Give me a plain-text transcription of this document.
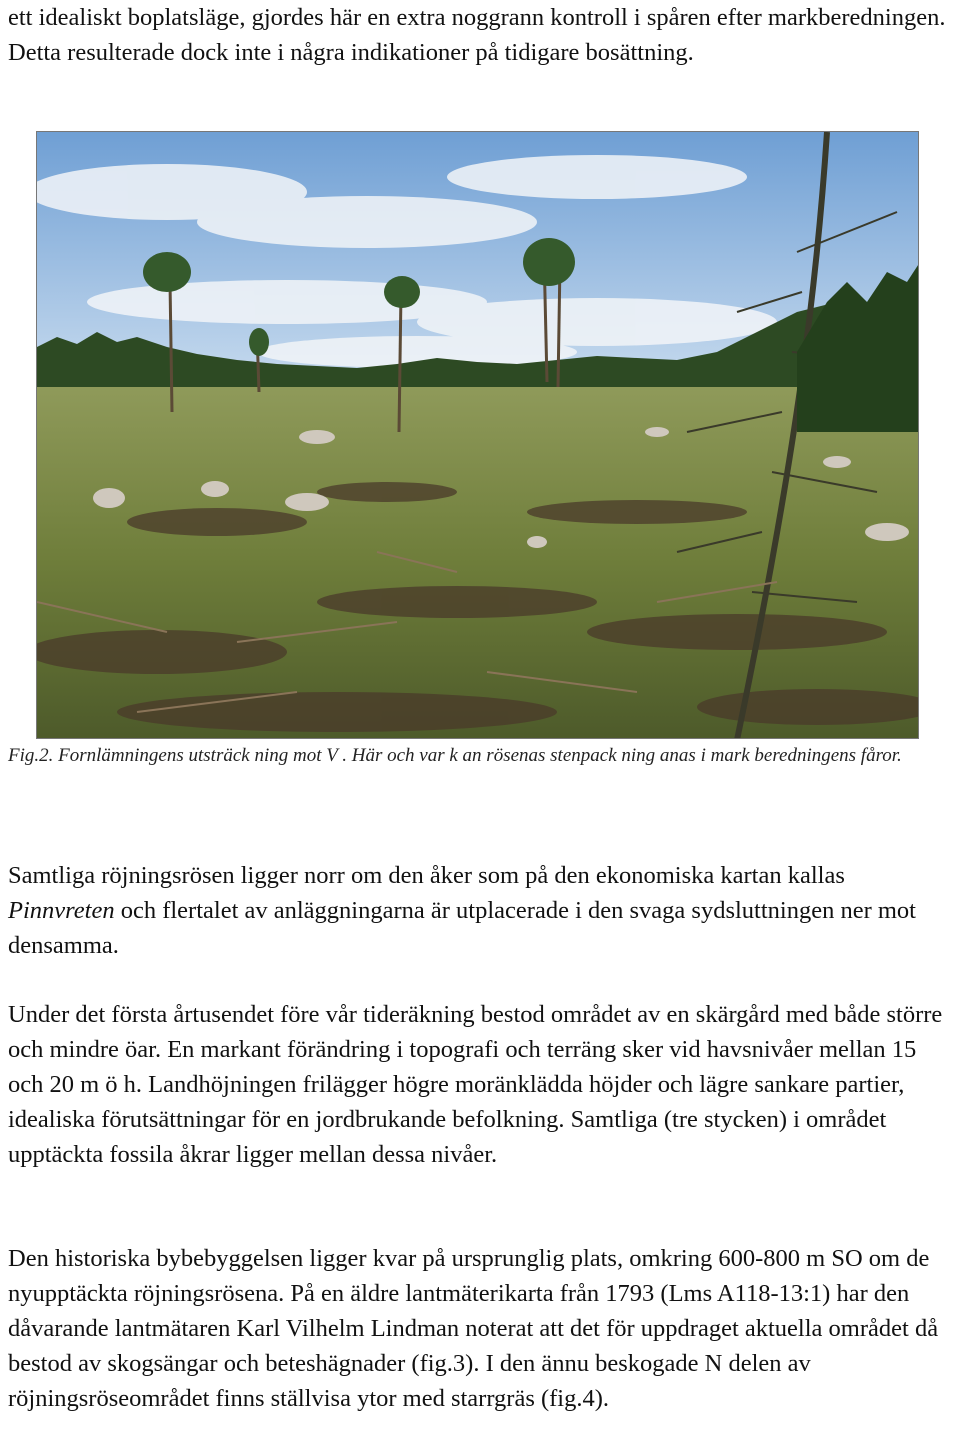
ett idealiskt boplatsläge, gjordes här en extra noggrann kontroll i spåren efter markberedningen. Detta resulterade dock inte i några indikationer på tidigare bosättning.

Fig.2. Fornlämningens utsträck ning mot V . Här och var k an rösenas stenpack ning anas i mark beredningens fåror.

Samtliga röjningsrösen ligger norr om den åker som på den ekonomiska kartan kallas Pinnvreten och flertalet av anläggningarna är utplacerade i den svaga sydsluttningen ner mot densamma.

Under det första årtusendet före vår tideräkning bestod området av en skärgård med både större och mindre öar. En markant förändring i topografi och terräng sker vid havsnivåer mellan 15 och 20 m ö h. Landhöjningen frilägger högre moränklädda höjder och lägre sankare partier, idealiska förutsättningar för en jordbrukande befolkning. Samtliga (tre stycken) i området upptäckta fossila åkrar ligger mellan dessa nivåer.

Den historiska bybebyggelsen ligger kvar på ursprunglig plats, omkring 600-800 m SO om de nyupptäckta röjningsrösena. På en äldre lantmäterikarta från 1793 (Lms A118-13:1) har den dåvarande lantmätaren Karl Vilhelm Lindman noterat att det för uppdraget aktuella området då bestod av skogsängar och beteshägnader (fig.3). I den ännu beskogade N delen av röjningsröseområdet finns ställvisa ytor med starrgräs (fig.4).
